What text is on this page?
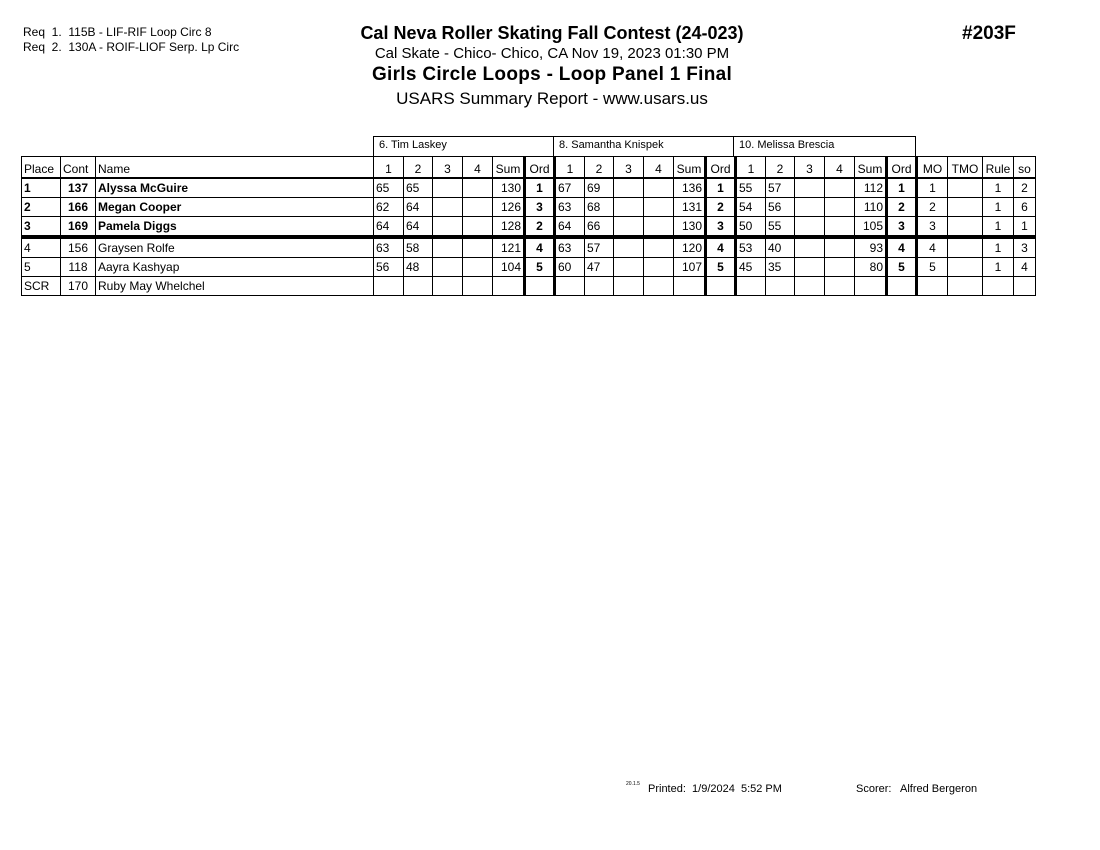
Req  1.  115B - LIF-RIF Loop Circ 8
Req  2.  130A - ROIF-LIOF Serp. Lp Circ
#203F
Cal Neva Roller Skating Fall Contest (24-023)
Cal Skate - Chico- Chico, CA Nov 19, 2023 01:30 PM
Girls Circle Loops - Loop Panel 1 Final
USARS Summary Report - www.usars.us
6. Tim Laskey	8. Samantha Knispek	10. Melissa Brescia
Place	Cont	Name	1	2	3	4	Sum	Ord	1	2	3	4	Sum	Ord	1	2	3	4	Sum	Ord	MO	TMO	Rule	so
1	137	Alyssa McGuire	65	65			130	1	67	69			136	1	55	57			112	1	1		1	2
2	166	Megan Cooper	62	64			126	3	63	68			131	2	54	56			110	2	2		1	6
3	169	Pamela Diggs	64	64			128	2	64	66			130	3	50	55			105	3	3		1	1
4	156	Graysen Rolfe	63	58			121	4	63	57			120	4	53	40			93	4	4		1	3
5	118	Aayra Kashyap	56	48			104	5	60	47			107	5	45	35			80	5	5		1	4
SCR	170	Ruby May Whelchel																						
20.1.5 Printed:  1/9/2024  5:52 PM	Scorer:   Alfred Bergeron
